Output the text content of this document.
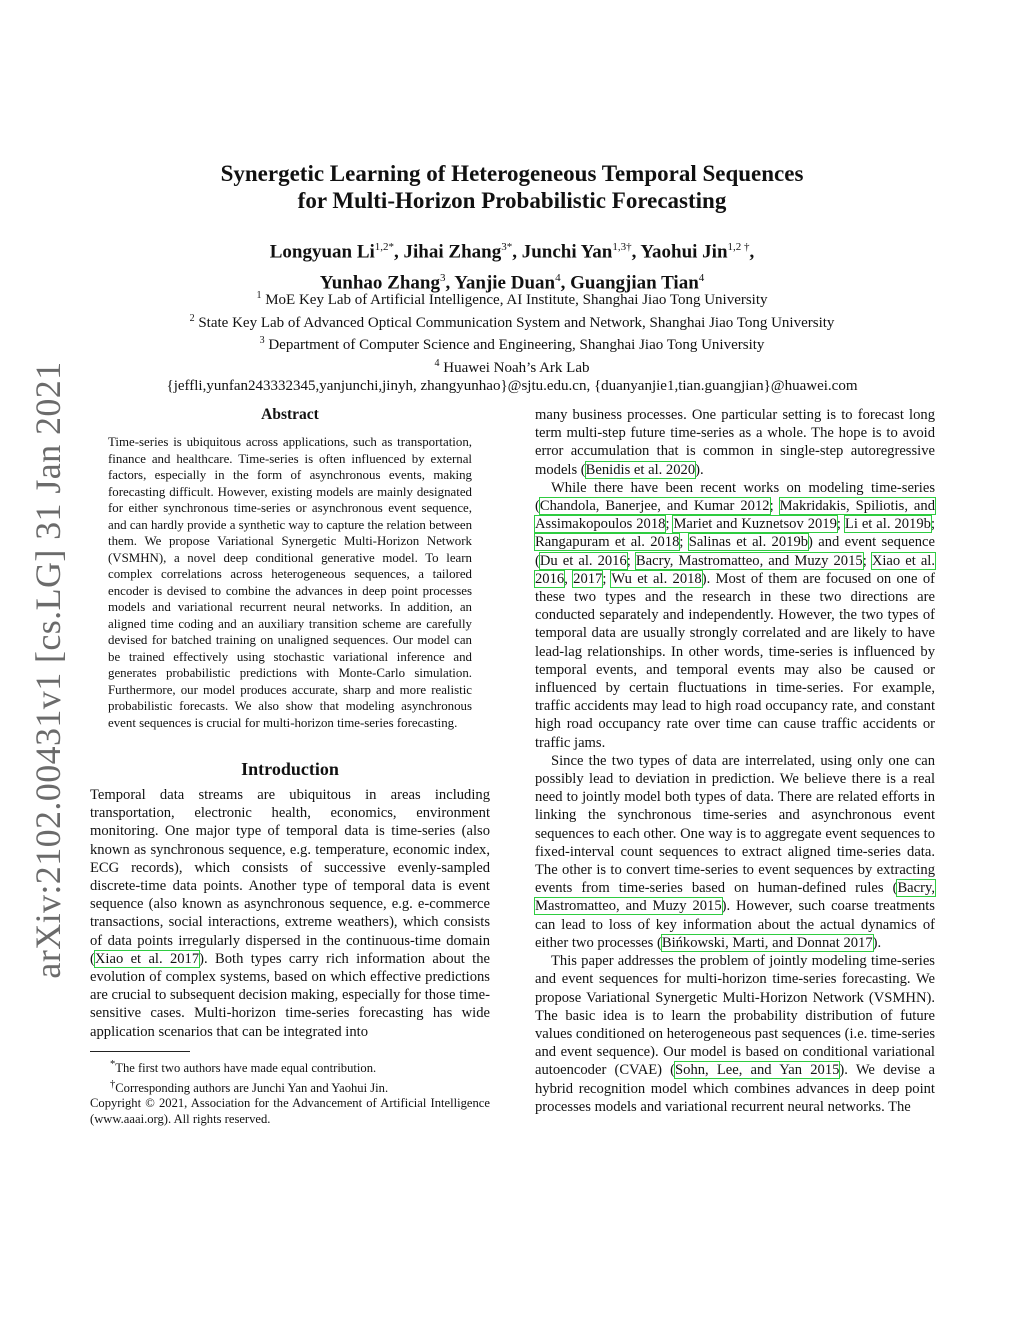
arXiv:2102.00431v1 [cs.LG] 31 Jan 2021
Synergetic Learning of Heterogeneous Temporal Sequences
for Multi-Horizon Probabilistic Forecasting
Longyuan $Li^{1,2*}$, Jihai Zhang$^{3*}$, Junchi Yan$^{1,3\dagger}$, Yaohui Jin$^{1,2 \dagger}$,
Yunhao Zhang$^3$, Yanjie Duan$^4$, Guangjian Tian$^4$
$^1$ MoE Key Lab of Artificial Intelligence, AI Institute, Shanghai Jiao Tong University
$^2$ State Key Lab of Advanced Optical Communication System and Network, Shanghai Jiao Tong University
$^3$ Department of Computer Science and Engineering, Shanghai Jiao Tong University
$^4$ Huawei Noah’s Ark Lab
{jeffli,yunfan243332345,yanjunchi,jinyh, zhangyunhao}@sjtu.edu.cn, {duanyanjie1,tian.guangjian}@huawei.com
Abstract

Time-series is ubiquitous across applications, such as transportation, finance and healthcare. Time-series is often influenced by external factors, especially in the form of asynchronous events, making forecasting difficult. However, existing models are mainly designated for either synchronous time-series or asynchronous event sequence, and can hardly provide a synthetic way to capture the relation between them. We propose Variational Synergetic Multi-Horizon Network (VSMHN), a novel deep conditional generative model. To learn complex correlations across heterogeneous sequences, a tailored encoder is devised to combine the advances in deep point processes models and variational recurrent neural networks. In addition, an aligned time coding and an auxiliary transition scheme are carefully devised for batched training on unaligned sequences. Our model can be trained effectively using stochastic variational inference and generates probabilistic predictions with Monte-Carlo simulation. Furthermore, our model produces accurate, sharp and more realistic probabilistic forecasts. We also show that modeling asynchronous event sequences is crucial for multi-horizon time-series forecasting.

Introduction

Temporal data streams are ubiquitous in areas including transportation, electronic health, economics, environment monitoring. One major type of temporal data is time-series (also known as synchronous sequence, e.g. temperature, economic index, ECG records), which consists of successive evenly-sampled discrete-time data points. Another type of temporal data is event sequence (also known as asynchronous sequence, e.g. e-commerce transactions, social interactions, extreme weathers), which consists of data points irregularly dispersed in the continuous-time domain (Xiao et al. 2017). Both types carry rich information about the evolution of complex systems, based on which effective predictions are crucial to subsequent decision making, especially for those time-sensitive cases. Multi-horizon time-series forecasting has wide application scenarios that can be integrated into

*The first two authors have made equal contribution.
†Corresponding authors are Junchi Yan and Yaohui Jin.
Copyright © 2021, Association for the Advancement of Artificial Intelligence (www.aaai.org). All rights reserved.

many business processes. One particular setting is to forecast long term multi-step future time-series as a whole. The hope is to avoid error accumulation that is common in single-step autoregressive models (Benidis et al. 2020).

While there have been recent works on modeling time-series (Chandola, Banerjee, and Kumar 2012; Makridakis, Spiliotis, and Assimakopoulos 2018; Mariet and Kuznetsov 2019; Li et al. 2019b; Rangapuram et al. 2018; Salinas et al. 2019b) and event sequence (Du et al. 2016; Bacry, Mastromatteo, and Muzy 2015; Xiao et al. 2016, 2017; Wu et al. 2018). Most of them are focused on one of these two types and the research in these two directions are conducted separately and independently. However, the two types of temporal data are usually strongly correlated and are likely to have lead-lag relationships. In other words, time-series is influenced by temporal events, and temporal events may also be caused or influenced by certain fluctuations in time-series. For example, traffic accidents may lead to high road occupancy rate, and constant high road occupancy rate over time can cause traffic accidents or traffic jams.

Since the two types of data are interrelated, using only one can possibly lead to deviation in prediction. We believe there is a real need to jointly model both types of data. There are related efforts in linking the synchronous time-series and asynchronous event sequences to each other. One way is to aggregate event sequences to fixed-interval count sequences to extract aligned time-series data. The other is to convert time-series to event sequences by extracting events from time-series based on human-defined rules (Bacry, Mastromatteo, and Muzy 2015). However, such coarse treatments can lead to loss of key information about the actual dynamics of either two processes (Bińkowski, Marti, and Donnat 2017).

This paper addresses the problem of jointly modeling time-series and event sequences for multi-horizon time-series forecasting. We propose Variational Synergetic Multi-Horizon Network (VSMHN). The basic idea is to learn the probability distribution of future values conditioned on heterogeneous past sequences (i.e. time-series and event sequence). Our model is based on conditional variational autoencoder (CVAE) (Sohn, Lee, and Yan 2015). We devise a hybrid recognition model which combines advances in deep point processes models and variational recurrent neural networks. The
